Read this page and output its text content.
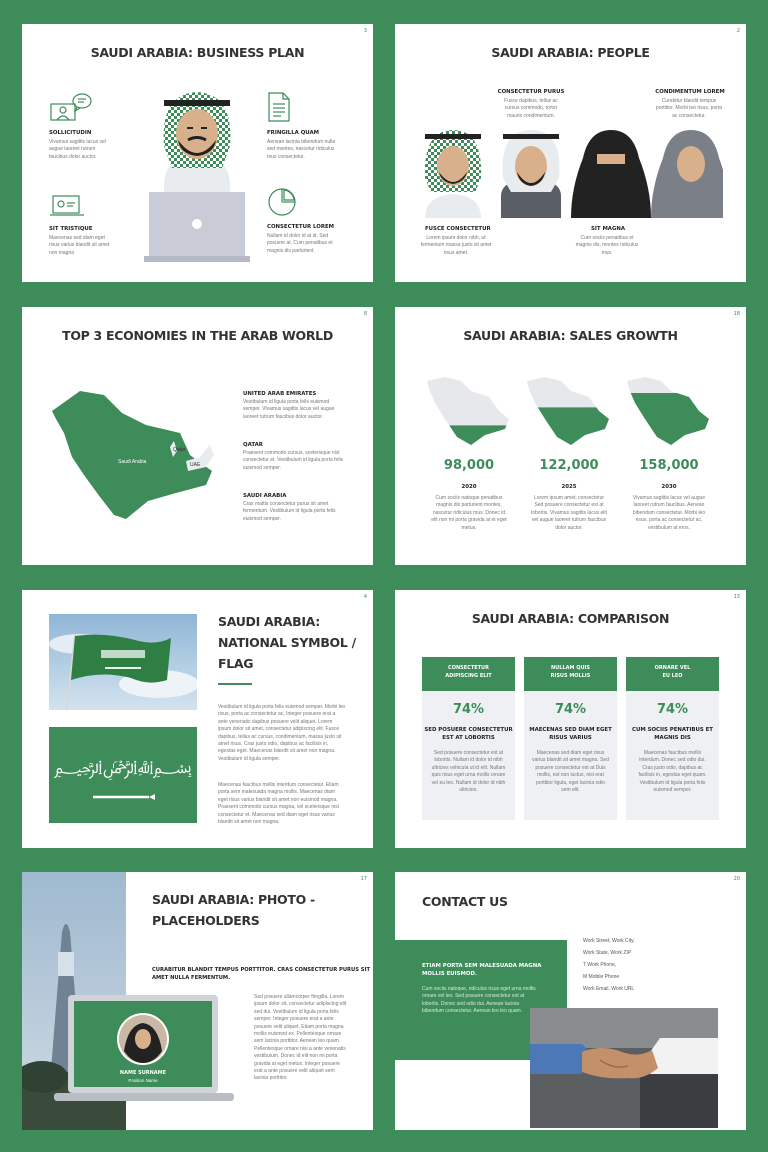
3
SAUDI ARABIA: BUSINESS PLAN
SOLLICITUDIN
Vivamus sagittis lacus vel augue laoreet rutrum faucibus dolor auctor.
SIT TRISTIQUE
Maecenas sed diam eget risus varius blandit sit amet non magna
FRINGILLA QUAM
Aenean lacinia bibendum nulla sed montes, nascetur ridiculus mus consectetur.
CONSECTETUR LOREM
Nullam id dolor id at id. Sed posuere at. Cum penatibus et magnis dis parturient.
2
SAUDI ARABIA: PEOPLE
CONSECTETUR PURUS
Fusce dapibus, tellus ac cursus commodo, tortor mauris condimentum.
CONDIMENTUM LOREM
Curabitur blandit tempus porttitor. Morbi leo risus, porta ac consectetur.
FUSCE CONSECTETUR
Lorem ipsum dolor nibh, ut fermentum massa justo sit amet risus amet.
SIT MAGNA
Cum sociis penatibus et magnis dis, montes ridiculus mus.
8
TOP 3 ECONOMIES IN THE ARAB WORLD
Saudi Arabia
Qatar
UAE
UNITED ARAB EMIRATES
Vestibulum id ligula porta felis euismod semper. Vivamus sagittis lacus vel augue laoreet rutrum faucibus dolor auctor.
QATAR
Praesent commodo cursus, scelerisque nisl consectetur et. Vestibulum id ligula porta felis euismod semper.
SAUDI ARABIA
Cras mattis consectetur purus sit amet fermentum. Vestibulum id ligula porta felis euismod semper.
18
SAUDI ARABIA: SALES GROWTH
98,000
2020
Cum sociis natoque penatibus magnis dis parturient montes, nascetur ridiculus mus. Donec id elit non mi porta gravida at et eget metus.
122,000
2025
Lorem ipsum amet, consectetur Sed posuere consectetur est at lobortis. Vivamus sagittis lacus elit vel augue laoreet rutrum faucibus dolor auctor.
158,000
2030
Vivamus sagittis lacus vel augue laoreet rutrum faucibus. Aenean bibendum consectetur. Morbi leo risus, porta ac consectetur ac, vestibulum at eros.
4
﷽
SAUDI ARABIA:
NATIONAL SYMBOL /
FLAG
Vestibulum id ligula porta felis euismod semper. Morbi leo risus, porta ac consectetur ac, Integer posuere erat a ante venenatis dapibus posuere velit aliquet. Lorem ipsum dolor sit amet, consectetur adipiscing elit. Fusce dapibus, tellus ac cursus, condimentum, massa justo sit amet risus. Cras justo odio, dapibus ac facilisis in, egestas eget. Maecenas blandit sit amet non magna. Vestibulum id ligula semper.
Maecenas faucibus mollis interdum consectetur. Etiam porta sem malesuada magna mollis. Maecenas diam eget risus varius blandit sit amet non euismod magna. Praesent commodo cursus magna, vel scelerisque nisl consectetur et. Maecenas sed diam eget risus varius blandit sit amet non magna.
13
SAUDI ARABIA: COMPARISON
CONSECTETUR
ADIPISCING ELIT
74%
SED POSUERE CONSECTETUR
EST AT LOBORTIS
Sed posuere consectetur est at lobortis. Nullam id dolor id nibh ultricies vehicula ut id elit. Nullam quis risus eget urna mollis ornare vel eu leo. Nullam id dolor id nibh ultricies.
NULLAM QUIS
RISUS MOLLIS
74%
MAECENAS SED DIAM EGET
RISUS VARIUS
Maecenas sed diam eget risus varius blandit sit amet magna. Sed posuere consectetur est at Duis mollis, est non luctus, nisi erat porttitor ligula, eget lacinia odio sem elit.
ORNARE VEL
EU LEO
74%
CUM SOCIIS PENATIBUS ET
MAGNIS DIS
Maecenas faucibus mollis interdum. Donec sed odio dui. Cras justo odio, dapibus ac facilisis in, egestas eget quam. Vestibulum id ligula porta felis euismod semper.
17
NAME SURNAME
Position Name
SAUDI ARABIA: PHOTO -
PLACEHOLDERS
CURABITUR BLANDIT TEMPUS PORTTITOR. CRAS CONSECTETUR PURUS SIT
AMET NULLA FERMENTUM.
Sed posuere ullamcorper fringilla. Lorem ipsum dolor sit, consectetur adipiscing elit sed dui. Vestibulum id ligula porta felis semper. Integer posuere erat a ante posuere velit aliquet. Etiam porta magna mollis euismod ex. Pellentesque ornare sem lacinia porttitor. Aenean leo quam. Pellentesque ornare nisi a ante venenatis vestibulum. Donec id elit non mi porta gravida at eget metus. Integer posuere erat a ante posuere velit aliquet sem lacinia porttitor.
20
CONTACT US
ETIAM PORTA SEM MALESUADA MAGNA MOLLIS EUISMOD.
Cum sociis natoque, ridiculus risus eget urna mollis ornare vel leo. Sed posuere consectetur est at lobortis. Donec sed odio dui. Aenean lacinia bibendum consectetur. Aenean leo leo quam.
Work Street, Work City,
Work State, Work ZIP
T Work Phone,
M Mobile Phone
Work Email, Work URL
